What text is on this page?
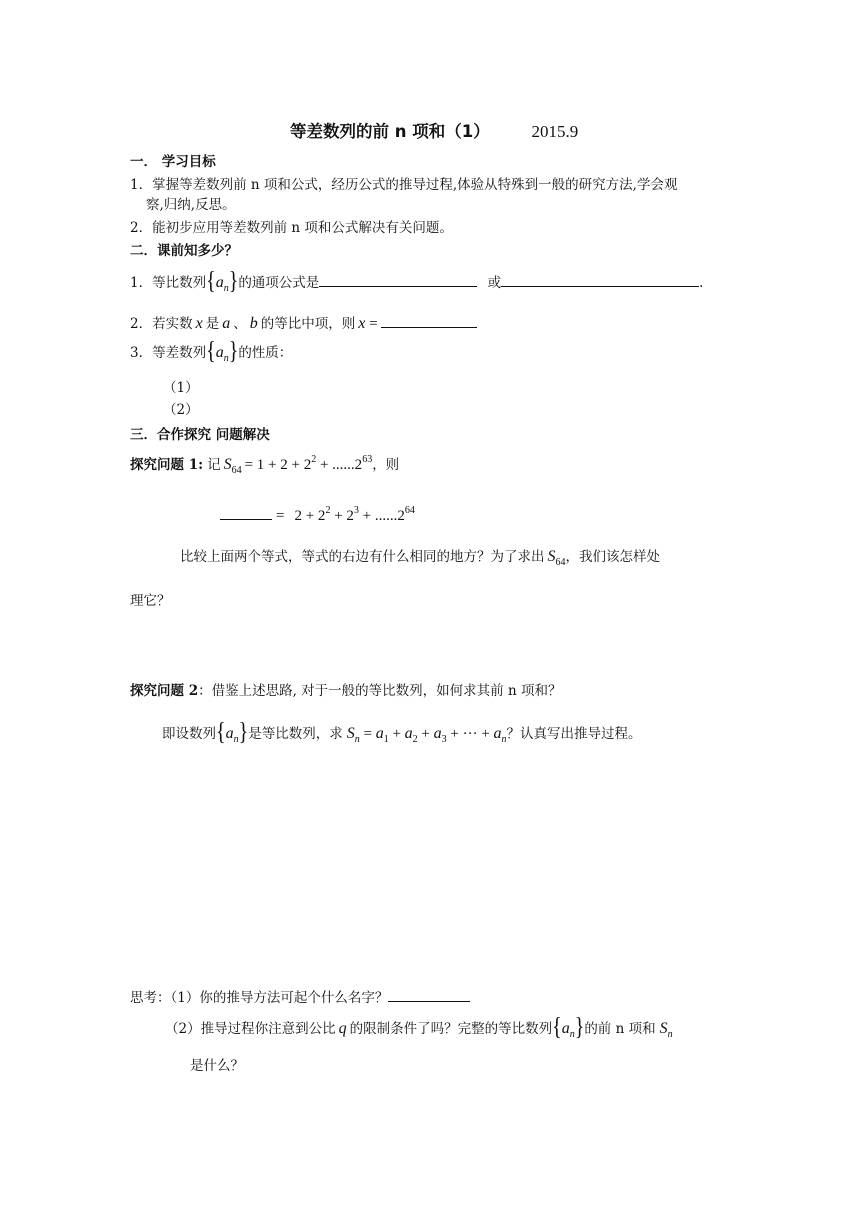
等差数列的前 n 项和（1） 2015.9
一． 学习目标
1．掌握等差数列前 n 项和公式，经历公式的推导过程,体验从特殊到一般的研究方法,学会观
察,归纳,反思。
2．能初步应用等差数列前 n 项和公式解决有关问题。
二．课前知多少？
1．等比数列$\{a_n\}$的通项公式是	或	.
2．若实数 x 是 a 、 b 的等比中项，则 x =
3．等差数列$\{a_n\}$的性质：
（1）
（2）
三．合作探究 问题解决
探究问题 1: 记 $S_{64} = 1 + 2 + 2^2 + ......2^{63}$，则
= $2 + 2^2 + 2^3 + ......2^{64}$
比较上面两个等式，等式的右边有什么相同的地方？为了求出 $S_{64}$，我们该怎样处
理它？
探究问题 2：借鉴上述思路, 对于一般的等比数列，如何求其前 n 项和？
即设数列$\{a_n\}$是等比数列，求 $S_n = a_1 + a_2 + a_3$ + ··· + $a_n$？认真写出推导过程。
思考：（1）你的推导方法可起个什么名字？
（2）推导过程你注意到公比 q 的限制条件了吗？完整的等比数列$\{a_n\}$的前 n 项和 $S_n$
是什么？
